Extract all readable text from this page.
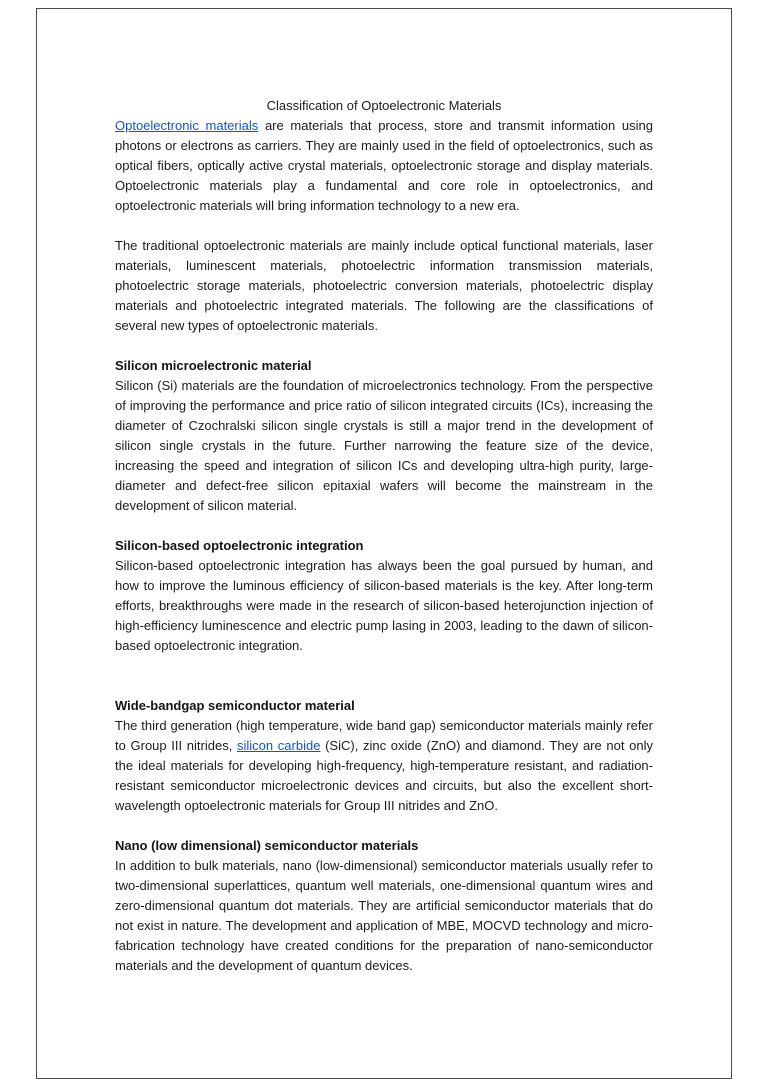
Classification of Optoelectronic Materials

Optoelectronic materials are materials that process, store and transmit information using photons or electrons as carriers. They are mainly used in the field of optoelectronics, such as optical fibers, optically active crystal materials, optoelectronic storage and display materials. Optoelectronic materials play a fundamental and core role in optoelectronics, and optoelectronic materials will bring information technology to a new era.

The traditional optoelectronic materials are mainly include optical functional materials, laser materials, luminescent materials, photoelectric information transmission materials, photoelectric storage materials, photoelectric conversion materials, photoelectric display materials and photoelectric integrated materials. The following are the classifications of several new types of optoelectronic materials.

Silicon microelectronic material

Silicon (Si) materials are the foundation of microelectronics technology. From the perspective of improving the performance and price ratio of silicon integrated circuits (ICs), increasing the diameter of Czochralski silicon single crystals is still a major trend in the development of silicon single crystals in the future. Further narrowing the feature size of the device, increasing the speed and integration of silicon ICs and developing ultra-high purity, large-diameter and defect-free silicon epitaxial wafers will become the mainstream in the development of silicon material.

Silicon-based optoelectronic integration

Silicon-based optoelectronic integration has always been the goal pursued by human, and how to improve the luminous efficiency of silicon-based materials is the key. After long-term efforts, breakthroughs were made in the research of silicon-based heterojunction injection of high-efficiency luminescence and electric pump lasing in 2003, leading to the dawn of silicon-based optoelectronic integration.

Wide-bandgap semiconductor material

The third generation (high temperature, wide band gap) semiconductor materials mainly refer to Group III nitrides, silicon carbide (SiC), zinc oxide (ZnO) and diamond. They are not only the ideal materials for developing high-frequency, high-temperature resistant, and radiation-resistant semiconductor microelectronic devices and circuits, but also the excellent short-wavelength optoelectronic materials for Group III nitrides and ZnO.

Nano (low dimensional) semiconductor materials

In addition to bulk materials, nano (low-dimensional) semiconductor materials usually refer to two-dimensional superlattices, quantum well materials, one-dimensional quantum wires and zero-dimensional quantum dot materials. They are artificial semiconductor materials that do not exist in nature. The development and application of MBE, MOCVD technology and micro-fabrication technology have created conditions for the preparation of nano-semiconductor materials and the development of quantum devices.
